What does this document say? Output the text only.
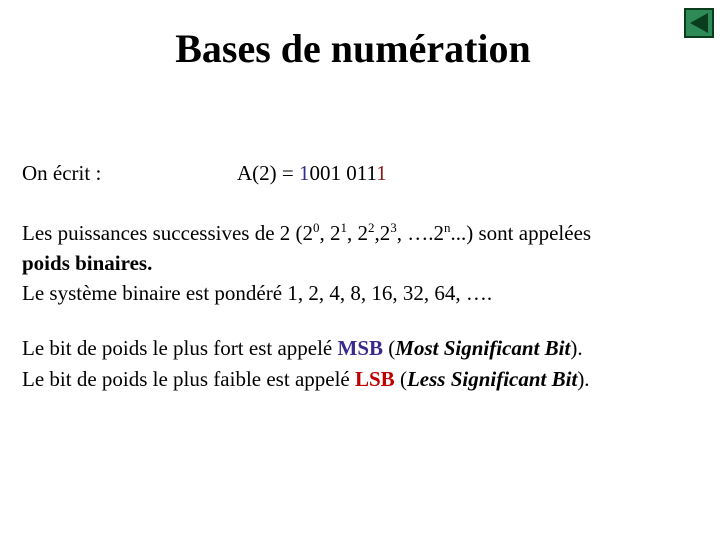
Bases de numération
On écrit :	A(2) = 1001 0111
Les puissances successives de 2 ($2^0$, $2^1$, $2^2,2^3$, ….2$^n$...) sont appelées
poids binaires.
Le système binaire est pondéré 1, 2, 4, 8, 16, 32, 64, ….
Le bit de poids le plus fort est appelé MSB (Most Significant Bit).
Le bit de poids le plus faible est appelé LSB (Less Significant Bit).
